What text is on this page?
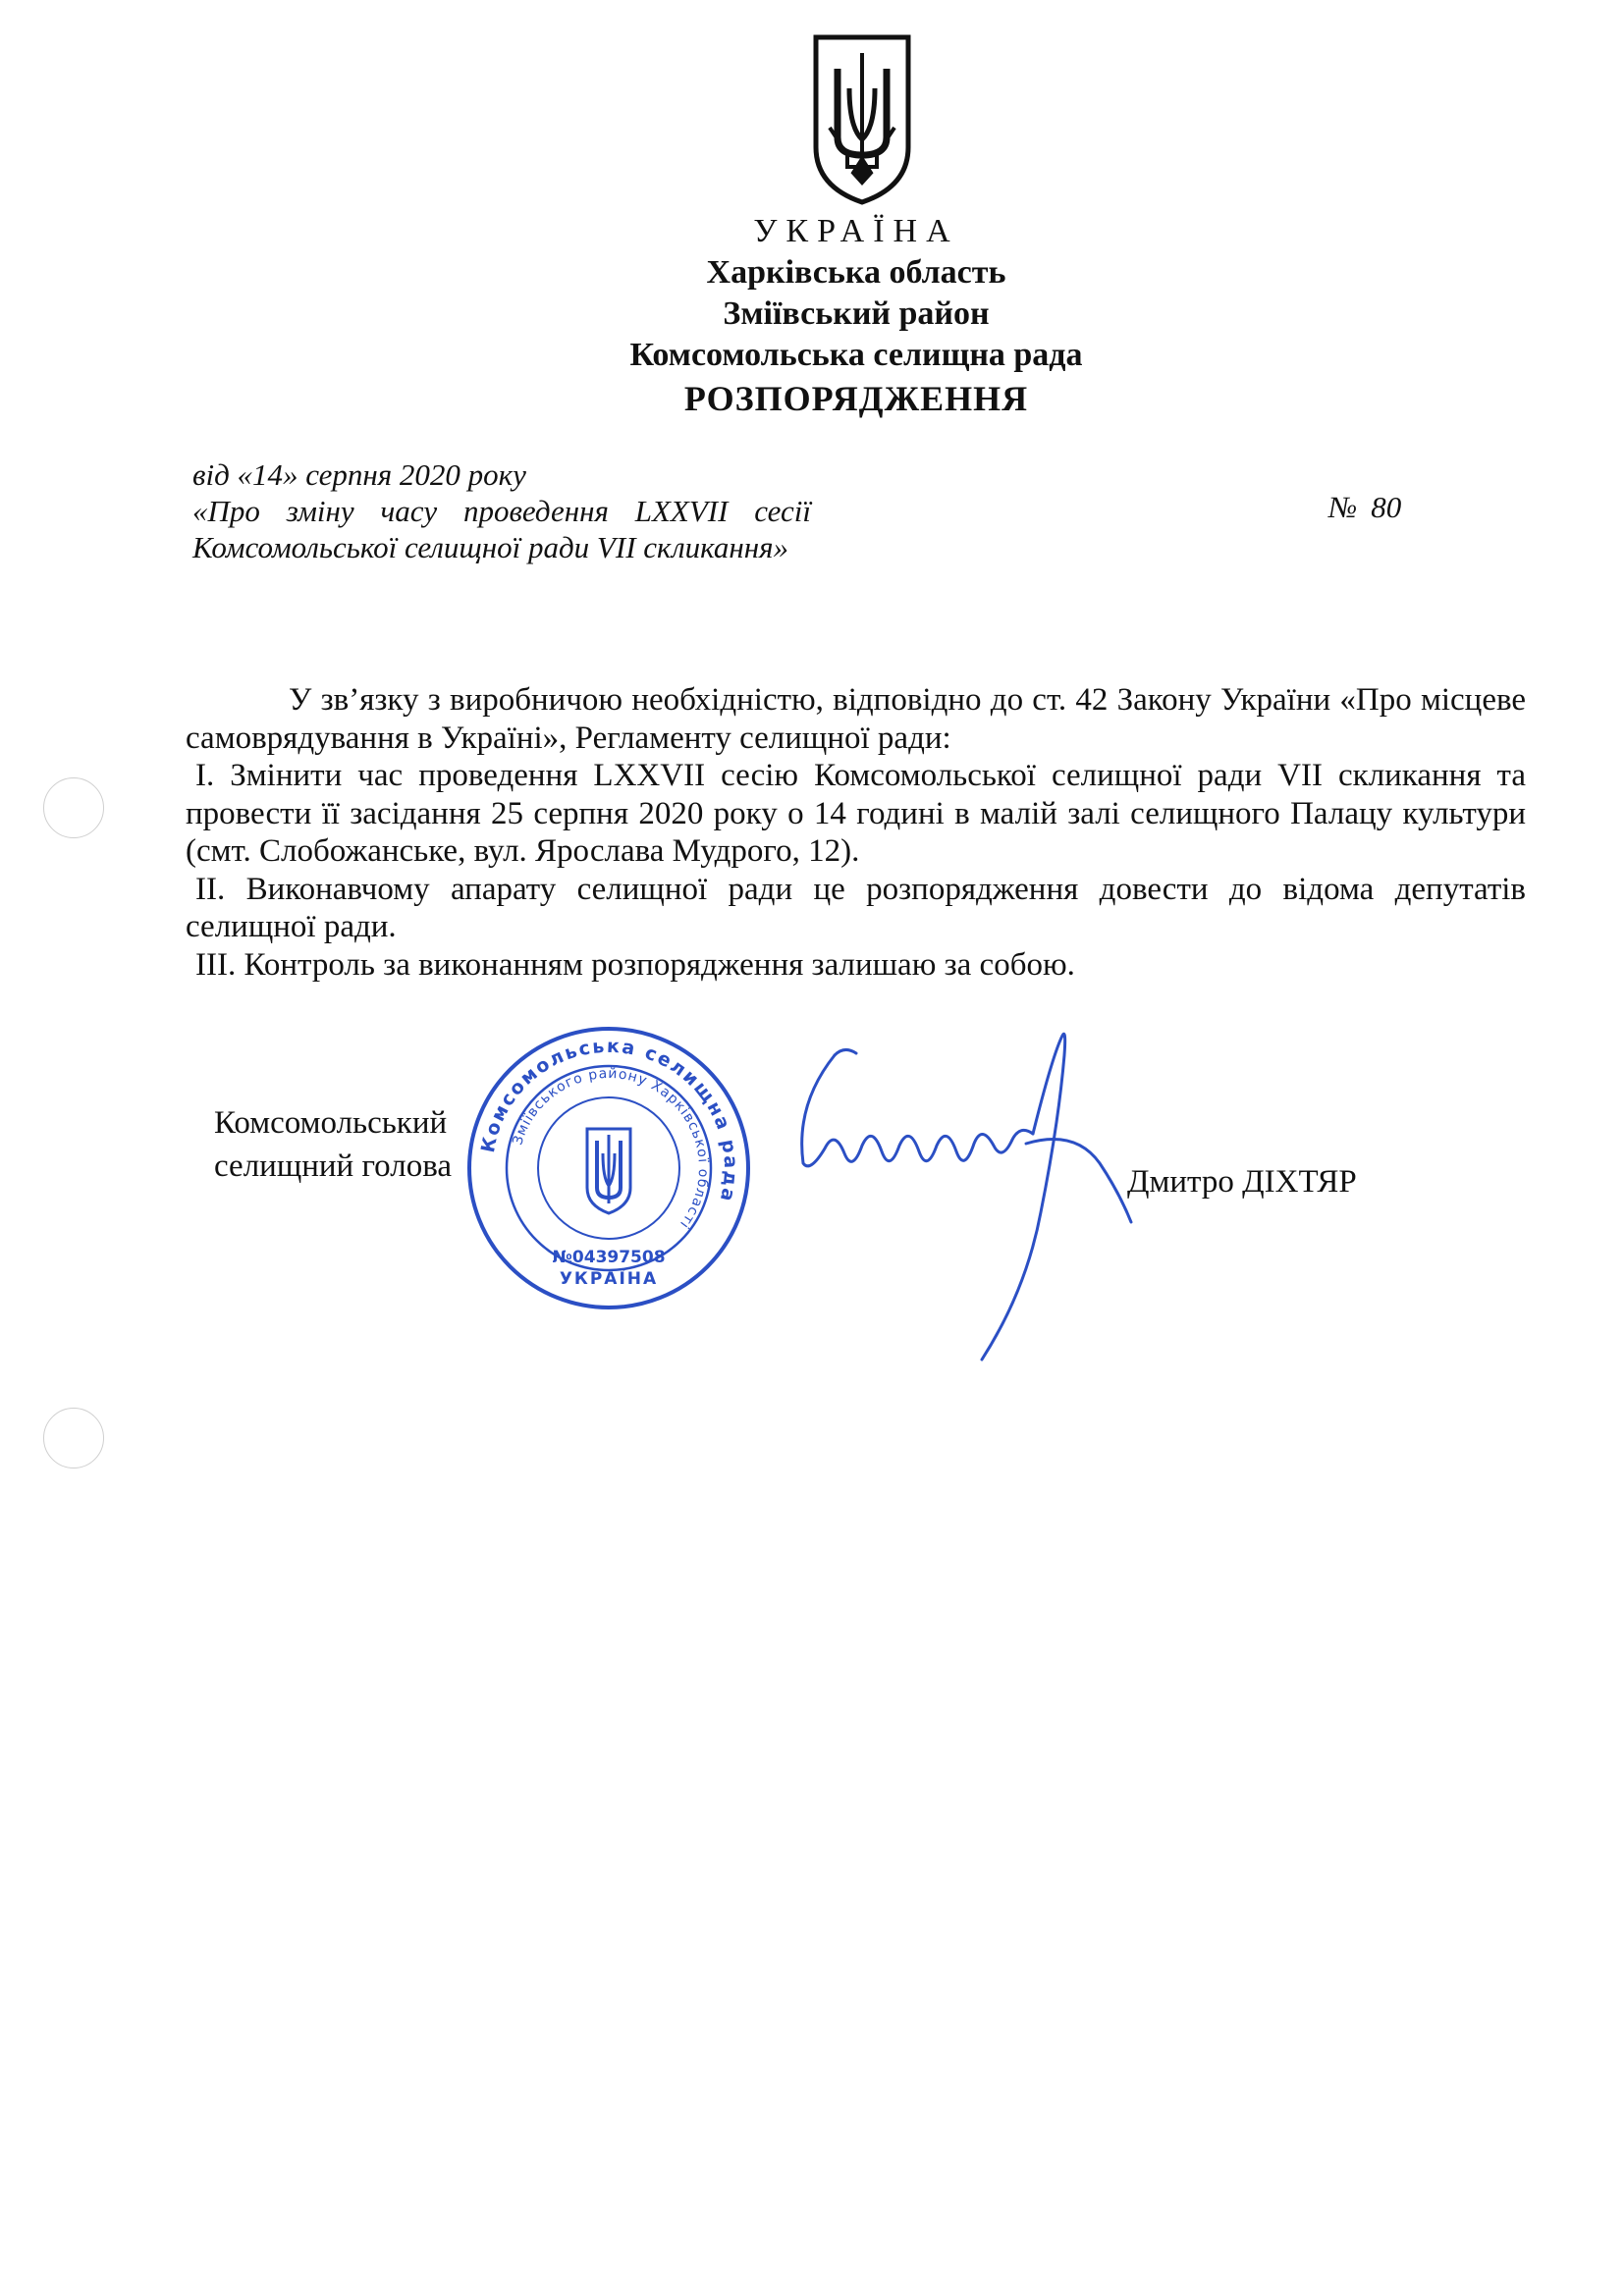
УКРАЇНА
Харківська область
Зміївський район
Комсомольська селищна рада
РОЗПОРЯДЖЕННЯ
від «14» серпня 2020 року
«Про зміну часу проведення LXXVII сесії Комсомольської селищної ради VII скликання»
№ 80

У зв’язку з виробничою необхідністю, відповідно до ст. 42 Закону України «Про місцеве самоврядування в Україні», Регламенту селищної ради:

І. Змінити час проведення LXXVII сесію Комсомольської селищної ради VII скликання та провести її засідання 25 серпня 2020 року о 14 годині в малій залі селищного Палацу культури (смт. Слобожанське, вул. Ярослава Мудрого, 12).

ІІ. Виконавчому апарату селищної ради це розпорядження довести до відома депутатів селищної ради.

ІІІ. Контроль за виконанням розпорядження залишаю за собою.

Комсомольський
селищний голова	Дмитро ДІХТЯР
Комсомольська селищна рада
Зміївського району Харківської області
№04397508
УКРАЇНА
